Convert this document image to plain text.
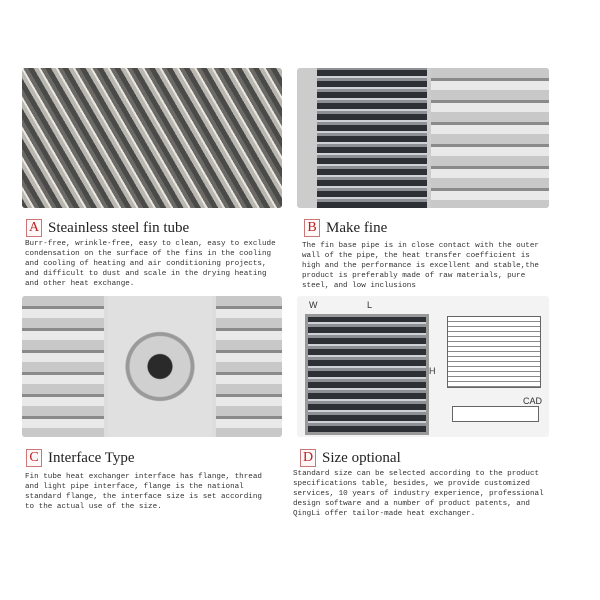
A Steainless steel fin tube
Burr-free, wrinkle-free, easy to clean, easy to exclude
condensation on the surface of the fins in the cooling
and cooling of heating and air conditioning projects,
and difficult to dust and scale in the drying heating
and other heat exchange.
B Make fine
The fin base pipe is in close contact with the outer
wall of the pipe, the heat transfer coefficient is
high and the performance is excellent and stable,the
product is preferably made of raw materials, pure
steel, and low inclusions
W	L
H
CAD
C Interface Type
Fin tube heat exchanger interface has flange, thread
and light pipe interface, flange is the national
standard flange, the interface size is set according
to the actual use of the size.
D Size optional
Standard size can be selected according to the product
specifications table, besides, we provide customized
services, 10 years of industry experience, professional
design software and a number of product patents, and
QingLi offer tailor-made heat exchanger.
